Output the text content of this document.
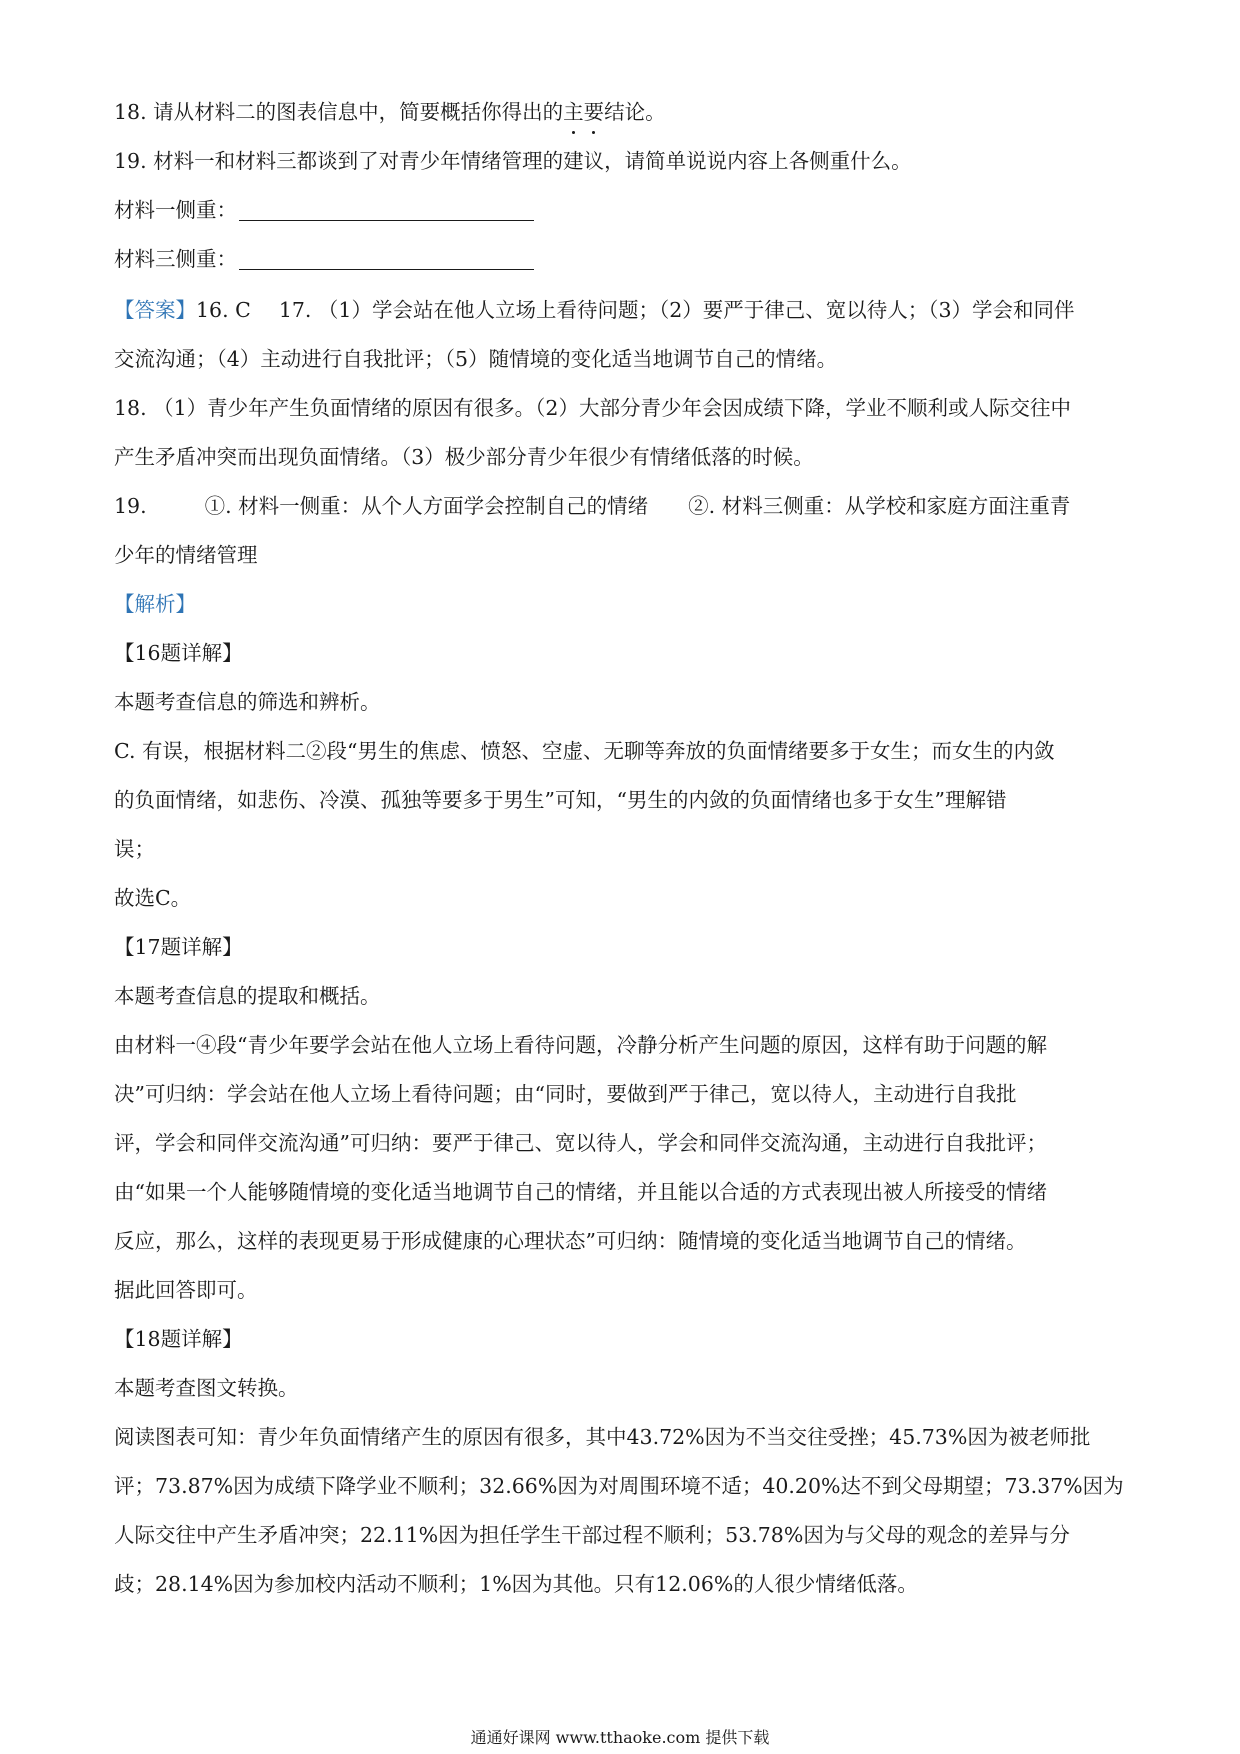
18. 请从材料二的图表信息中，简要概括你得出的主要结论。
19. 材料一和材料三都谈到了对青少年情绪管理的建议，请简单说说内容上各侧重什么。
材料一侧重：
材料三侧重：
【答案】16. C 17. （1）学会站在他人立场上看待问题；（2）要严于律己、宽以待人；（3）学会和同伴
交流沟通；（4）主动进行自我批评；（5）随情境的变化适当地调节自己的情绪。
18. （1）青少年产生负面情绪的原因有很多。（2）大部分青少年会因成绩下降，学业不顺利或人际交往中
产生矛盾冲突而出现负面情绪。（3）极少部分青少年很少有情绪低落的时候。
19.	①. 材料一侧重：从个人方面学会控制自己的情绪 ②. 材料三侧重：从学校和家庭方面注重青
少年的情绪管理
【解析】
【16题详解】
本题考查信息的筛选和辨析。
C. 有误，根据材料二②段“男生的焦虑、愤怒、空虚、无聊等奔放的负面情绪要多于女生；而女生的内敛
的负面情绪，如悲伤、冷漠、孤独等要多于男生”可知，“男生的内敛的负面情绪也多于女生”理解错
误；
故选C。
【17题详解】
本题考查信息的提取和概括。
由材料一④段“青少年要学会站在他人立场上看待问题，冷静分析产生问题的原因，这样有助于问题的解
决”可归纳：学会站在他人立场上看待问题；由“同时，要做到严于律己，宽以待人，主动进行自我批
评，学会和同伴交流沟通”可归纳：要严于律己、宽以待人，学会和同伴交流沟通，主动进行自我批评；
由“如果一个人能够随情境的变化适当地调节自己的情绪，并且能以合适的方式表现出被人所接受的情绪
反应，那么，这样的表现更易于形成健康的心理状态”可归纳：随情境的变化适当地调节自己的情绪。
据此回答即可。
【18题详解】
本题考查图文转换。
阅读图表可知：青少年负面情绪产生的原因有很多，其中43.72%因为不当交往受挫；45.73%因为被老师批
评；73.87%因为成绩下降学业不顺利；32.66%因为对周围环境不适；40.20%达不到父母期望；73.37%因为
人际交往中产生矛盾冲突；22.11%因为担任学生干部过程不顺利；53.78%因为与父母的观念的差异与分
歧；28.14%因为参加校内活动不顺利；1%因为其他。只有12.06%的人很少情绪低落。
通通好课网 www.tthaoke.com 提供下载
